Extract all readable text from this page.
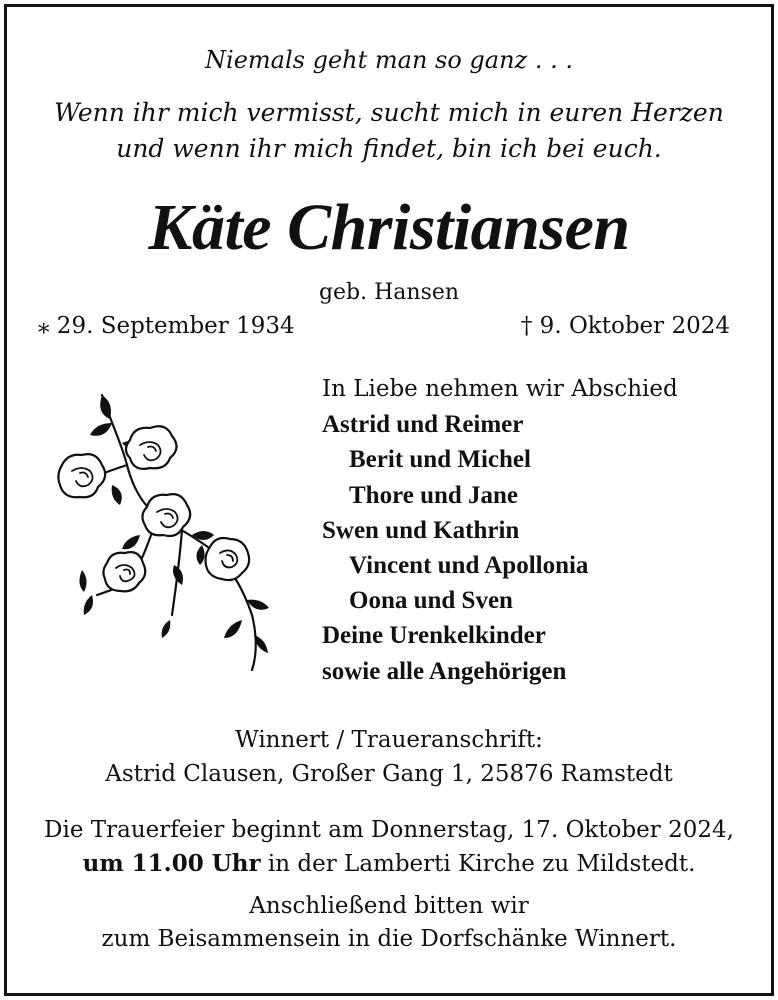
Niemals geht man so ganz . . .
Wenn ihr mich vermisst, sucht mich in euren Herzen
und wenn ihr mich findet, bin ich bei euch.
Käte Christiansen
geb. Hansen
⁎ 29. September 1934	† 9. Oktober 2024
In Liebe nehmen wir Abschied
Astrid und Reimer
Berit und Michel
Thore und Jane
Swen und Kathrin
Vincent und Apollonia
Oona und Sven
Deine Urenkelkinder
sowie alle Angehörigen
Winnert / Traueranschrift:
Astrid Clausen, Großer Gang 1, 25876 Ramstedt
Die Trauerfeier beginnt am Donnerstag, 17. Oktober 2024,
um 11.00 Uhr in der Lamberti Kirche zu Mildstedt.
Anschließend bitten wir
zum Beisammensein in die Dorfschänke Winnert.
